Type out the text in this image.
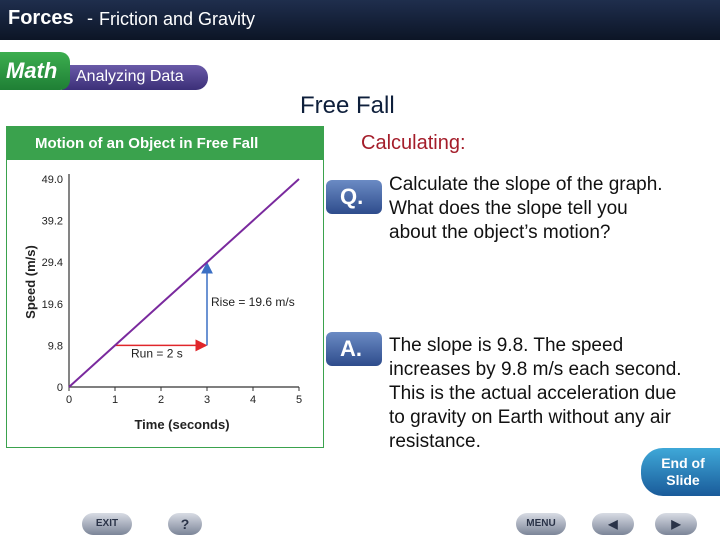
Forces - Friction and Gravity
Analyzing Data
Math
Free Fall
Calculating:
Motion of an Object in Free Fall
0
9.8
19.6
29.4
39.2
49.0
0	1	2	3	4	5
Run = 2 s
Rise = 19.6 m/s
Time (seconds)
Speed (m/s)
Q. Calculate the slope of the graph. What does the slope tell you about the object’s motion?
A. The slope is 9.8. The speed increases by 9.8 m/s each second. This is the actual acceleration due to gravity on Earth without any air resistance.
End of
Slide
EXIT	?	MENU	◀	▶
